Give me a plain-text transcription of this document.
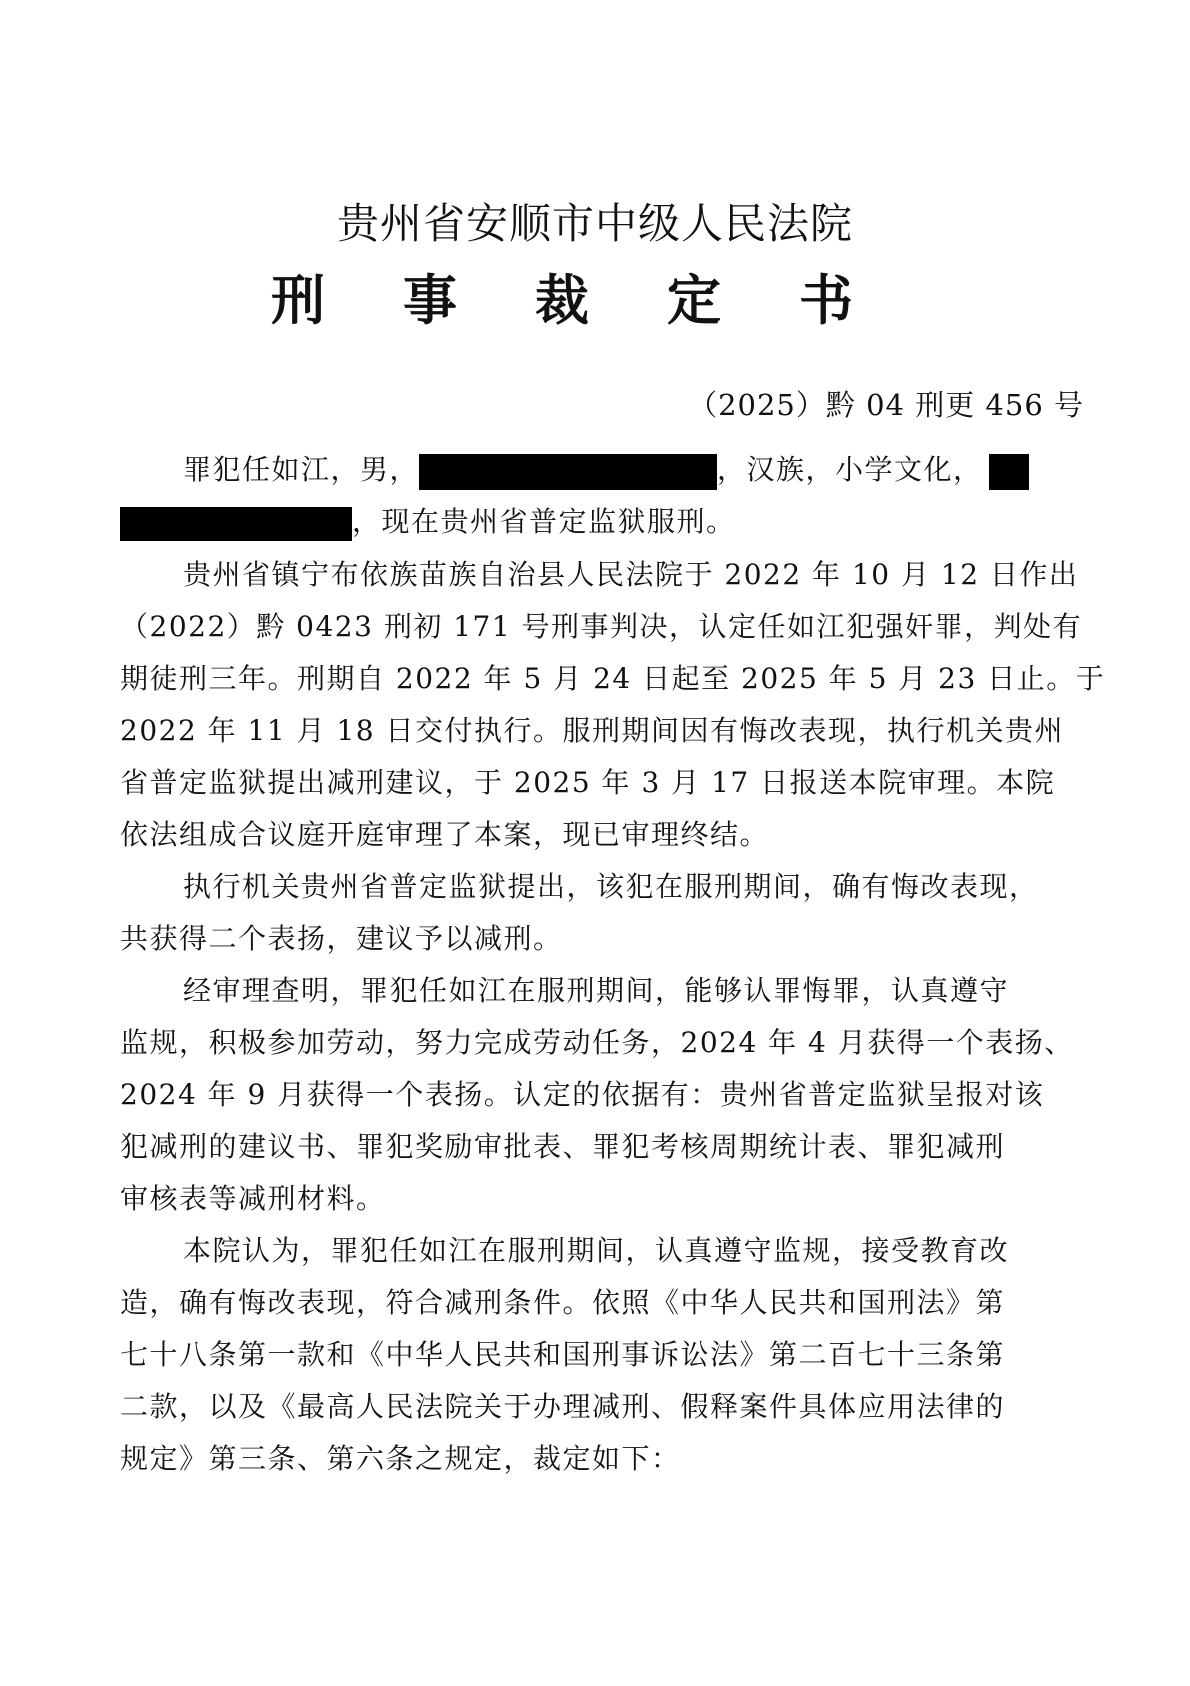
贵州省安顺市中级人民法院
刑 事 裁 定 书
（2025）黔 04 刑更 456 号
罪犯任如江，男，	，汉族，小学文化，
，现在贵州省普定监狱服刑。
贵州省镇宁布依族苗族自治县人民法院于 2022 年 10 月 12 日作出
（2022）黔 0423 刑初 171 号刑事判决，认定任如江犯强奸罪，判处有
期徒刑三年。刑期自 2022 年 5 月 24 日起至 2025 年 5 月 23 日止。于
2022 年 11 月 18 日交付执行。服刑期间因有悔改表现，执行机关贵州
省普定监狱提出减刑建议，于 2025 年 3 月 17 日报送本院审理。本院
依法组成合议庭开庭审理了本案，现已审理终结。
执行机关贵州省普定监狱提出，该犯在服刑期间，确有悔改表现，
共获得二个表扬，建议予以减刑。
经审理查明，罪犯任如江在服刑期间，能够认罪悔罪，认真遵守
监规，积极参加劳动，努力完成劳动任务，2024 年 4 月获得一个表扬、
2024 年 9 月获得一个表扬。认定的依据有：贵州省普定监狱呈报对该
犯减刑的建议书、罪犯奖励审批表、罪犯考核周期统计表、罪犯减刑
审核表等减刑材料。
本院认为，罪犯任如江在服刑期间，认真遵守监规，接受教育改
造，确有悔改表现，符合减刑条件。依照《中华人民共和国刑法》第
七十八条第一款和《中华人民共和国刑事诉讼法》第二百七十三条第
二款，以及《最高人民法院关于办理减刑、假释案件具体应用法律的
规定》第三条、第六条之规定，裁定如下：
